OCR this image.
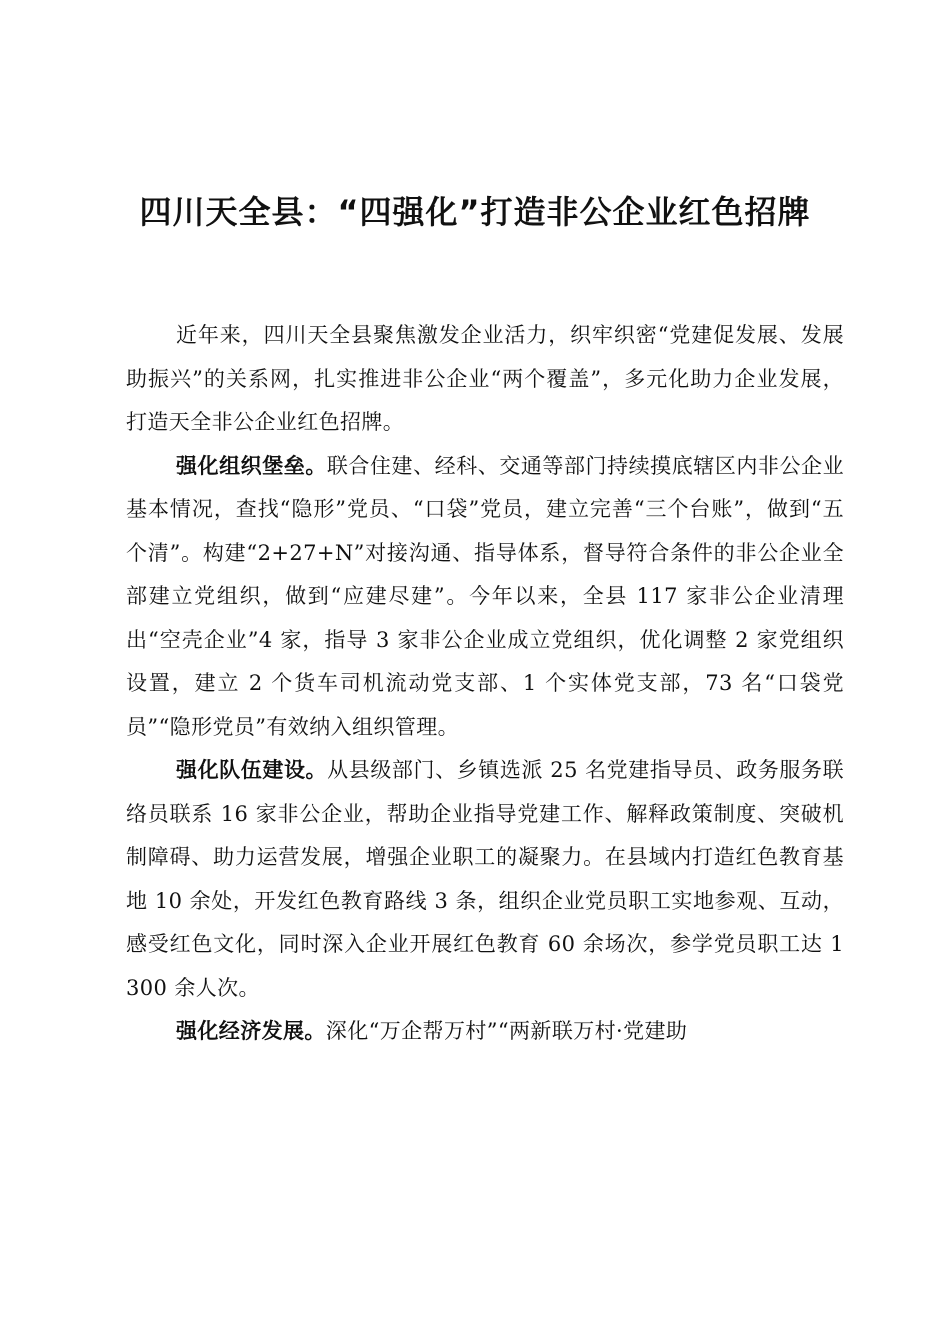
四川天全县：“四强化”打造非公企业红色招牌

近年来，四川天全县聚焦激发企业活力，织牢织密“党建促发展、发展助振兴”的关系网，扎实推进非公企业“两个覆盖”，多元化助力企业发展，打造天全非公企业红色招牌。

强化组织堡垒。联合住建、经科、交通等部门持续摸底辖区内非公企业基本情况，查找“隐形”党员、“口袋”党员，建立完善“三个台账”，做到“五个清”。构建“2+27+N”对接沟通、指导体系，督导符合条件的非公企业全部建立党组织，做到“应建尽建”。今年以来，全县 117 家非公企业清理出“空壳企业”4 家，指导 3 家非公企业成立党组织，优化调整 2 家党组织设置，建立 2 个货车司机流动党支部、1 个实体党支部，73 名“口袋党员”“隐形党员”有效纳入组织管理。

强化队伍建设。从县级部门、乡镇选派 25 名党建指导员、政务服务联络员联系 16 家非公企业，帮助企业指导党建工作、解释政策制度、突破机制障碍、助力运营发展，增强企业职工的凝聚力。在县域内打造红色教育基地 10 余处，开发红色教育路线 3 条，组织企业党员职工实地参观、互动，感受红色文化，同时深入企业开展红色教育 60 余场次，参学党员职工达 1300 余人次。

强化经济发展。深化“万企帮万村”“两新联万村·党建助
